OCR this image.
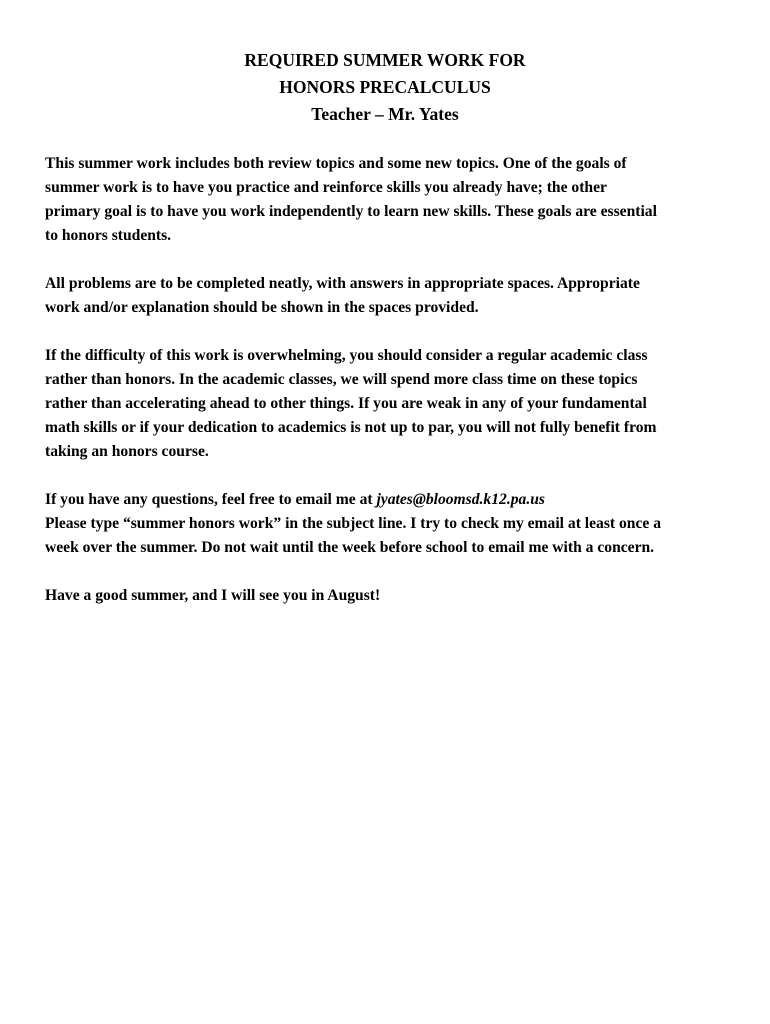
REQUIRED SUMMER WORK FOR
HONORS PRECALCULUS
Teacher – Mr. Yates

This summer work includes both review topics and some new topics. One of the goals of
summer work is to have you practice and reinforce skills you already have; the other
primary goal is to have you work independently to learn new skills. These goals are essential
to honors students.

All problems are to be completed neatly, with answers in appropriate spaces. Appropriate
work and/or explanation should be shown in the spaces provided.

If the difficulty of this work is overwhelming, you should consider a regular academic class
rather than honors. In the academic classes, we will spend more class time on these topics
rather than accelerating ahead to other things. If you are weak in any of your fundamental
math skills or if your dedication to academics is not up to par, you will not fully benefit from
taking an honors course.

If you have any questions, feel free to email me at jyates@bloomsd.k12.pa.us
Please type “summer honors work” in the subject line. I try to check my email at least once a
week over the summer. Do not wait until the week before school to email me with a concern.

Have a good summer, and I will see you in August!
